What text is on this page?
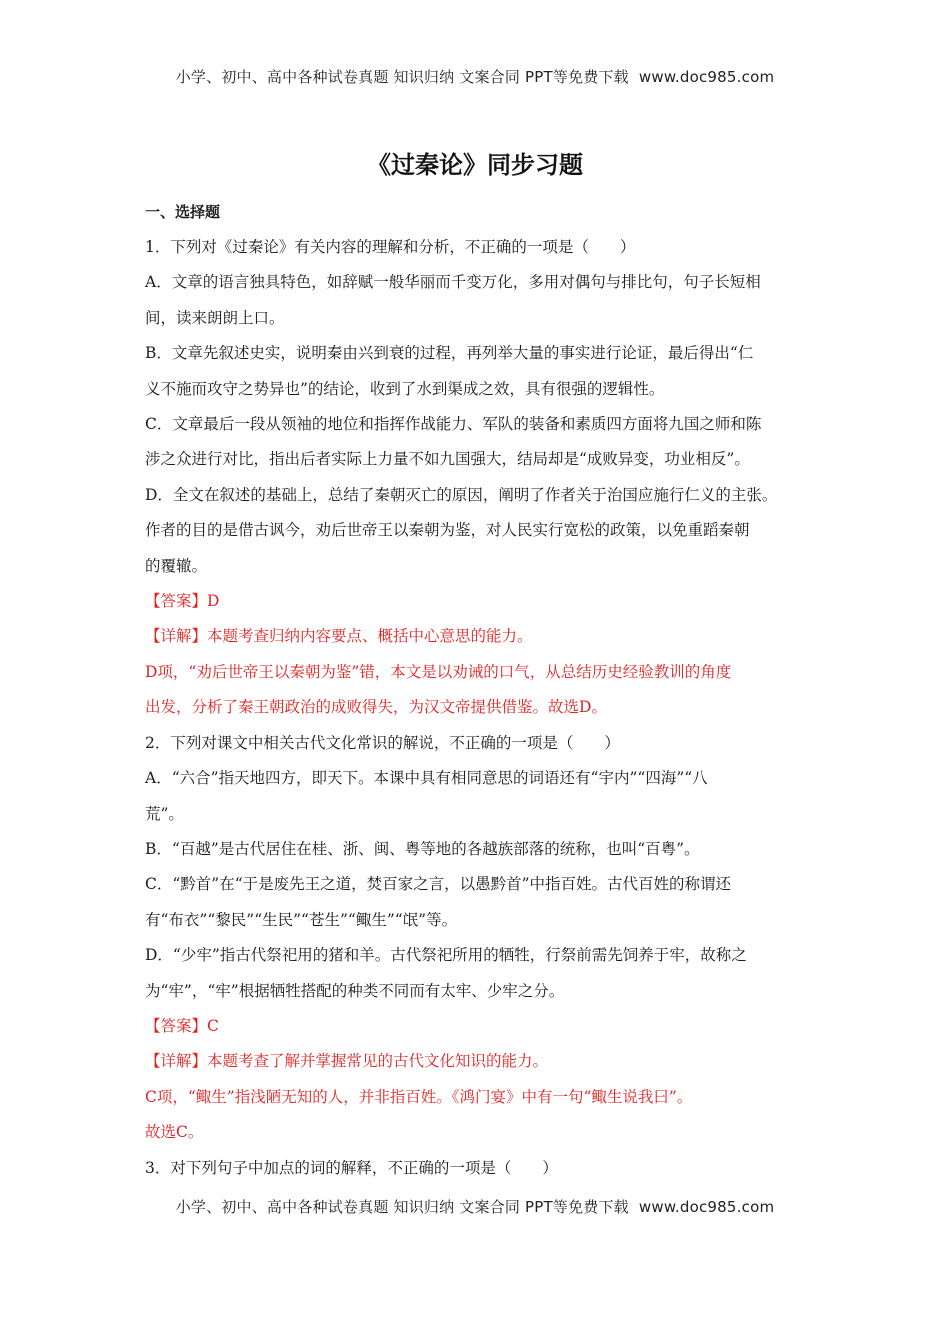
小学、初中、高中各种试卷真题 知识归纳 文案合同 PPT等免费下载 www.doc985.com
《过秦论》同步习题
一、选择题
1．下列对《过秦论》有关内容的理解和分析，不正确的一项是（　　）
A．文章的语言独具特色，如辞赋一般华丽而千变万化，多用对偶句与排比句，句子长短相
间，读来朗朗上口。
B．文章先叙述史实，说明秦由兴到衰的过程，再列举大量的事实进行论证，最后得出“仁
义不施而攻守之势异也”的结论，收到了水到渠成之效，具有很强的逻辑性。
C．文章最后一段从领袖的地位和指挥作战能力、军队的装备和素质四方面将九国之师和陈
涉之众进行对比，指出后者实际上力量不如九国强大，结局却是“成败异变，功业相反”。
D．全文在叙述的基础上，总结了秦朝灭亡的原因，阐明了作者关于治国应施行仁义的主张。
作者的目的是借古讽今，劝后世帝王以秦朝为鉴，对人民实行宽松的政策，以免重蹈秦朝
的覆辙。
【答案】D
【详解】本题考查归纳内容要点、概括中心意思的能力。
D项，“劝后世帝王以秦朝为鉴”错，本文是以劝诫的口气，从总结历史经验教训的角度
出发，分析了秦王朝政治的成败得失，为汉文帝提供借鉴。故选D。
2．下列对课文中相关古代文化常识的解说，不正确的一项是（　　）
A．“六合”指天地四方，即天下。本课中具有相同意思的词语还有“宇内”“四海”“八
荒”。
B．“百越”是古代居住在桂、浙、闽、粤等地的各越族部落的统称，也叫“百粤”。
C．“黔首”在“于是废先王之道，焚百家之言，以愚黔首”中指百姓。古代百姓的称谓还
有“布衣”“黎民”“生民”“苍生”“鲰生”“氓”等。
D．“少牢”指古代祭祀用的猪和羊。古代祭祀所用的牺牲，行祭前需先饲养于牢，故称之
为“牢”，“牢”根据牺牲搭配的种类不同而有太牢、少牢之分。
【答案】C
【详解】本题考查了解并掌握常见的古代文化知识的能力。
C项，“鲰生”指浅陋无知的人，并非指百姓。《鸿门宴》中有一句“鲰生说我曰”。
故选C。
3．对下列句子中加点的词的解释，不正确的一项是（　　）
小学、初中、高中各种试卷真题 知识归纳 文案合同 PPT等免费下载 www.doc985.com
